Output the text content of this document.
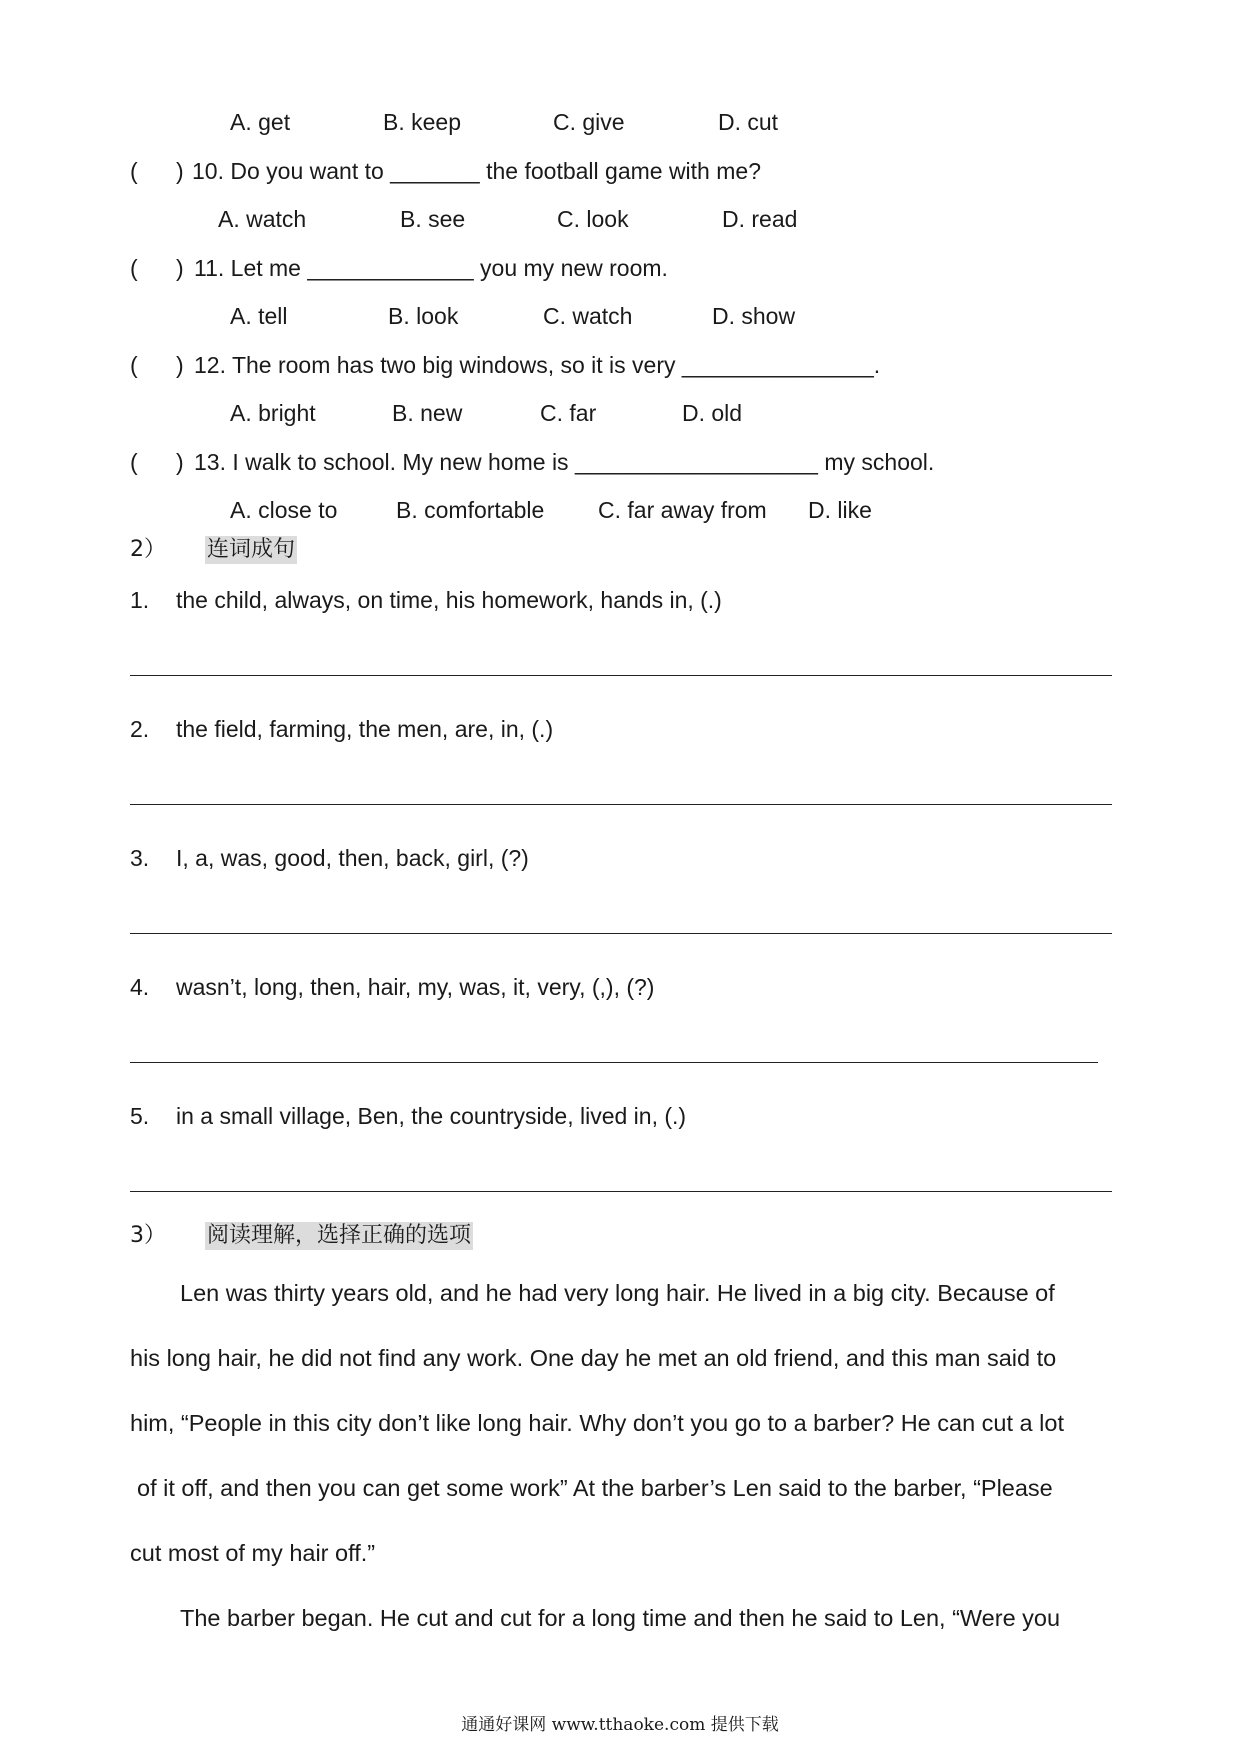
A. get	B. keep	C. give	D. cut
( ) 10. Do you want to _______ the football game with me?
A. watch	B. see	C. look	D. read
( ) 11. Let me _____________ you my new room.
A. tell	B. look	C. watch	D. show
( ) 12. The room has two big windows, so it is very _______________.
A. bright	B. new	C. far	D. old
( ) 13. I walk to school. My new home is ___________________ my school.
A. close to	B. comfortable C. far away from D. like
2） 连词成句
1. the child, always, on time, his homework, hands in, (.)
2. the field, farming, the men, are, in, (.)
3. I, a, was, good, then, back, girl, (?)
4. wasn’t, long, then, hair, my, was, it, very, (,), (?)
5. in a small village, Ben, the countryside, lived in, (.)
3） 阅读理解，选择正确的选项
Len was thirty years old, and he had very long hair. He lived in a big city. Because of
his long hair, he did not find any work. One day he met an old friend, and this man said to
him, “People in this city don’t like long hair. Why don’t you go to a barber? He can cut a lot
of it off, and then you can get some work” At the barber’s Len said to the barber, “Please
cut most of my hair off.”
The barber began. He cut and cut for a long time and then he said to Len, “Were you
通通好课网 www.tthaoke.com 提供下载
